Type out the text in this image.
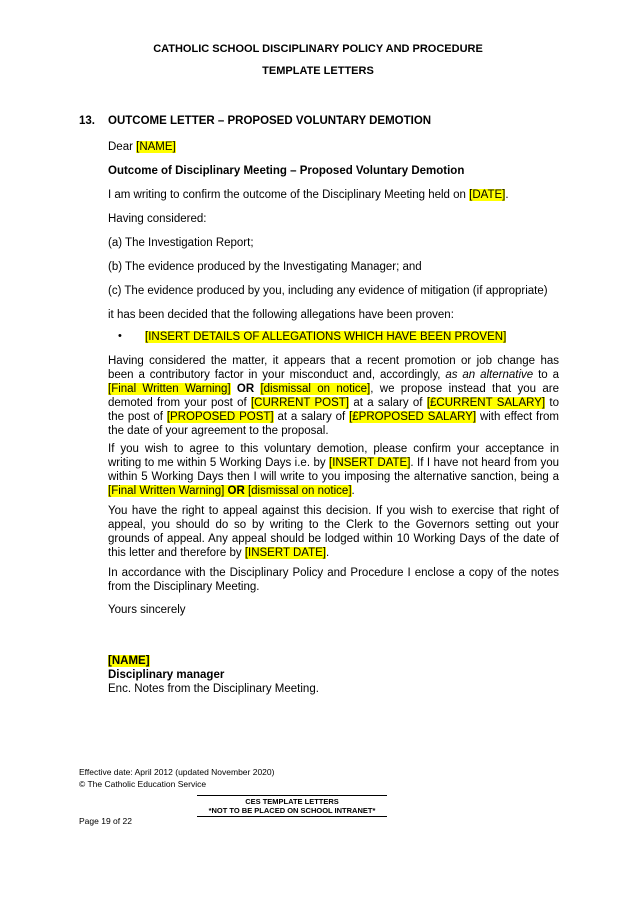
CATHOLIC SCHOOL DISCIPLINARY POLICY AND PROCEDURE
TEMPLATE LETTERS
13. OUTCOME LETTER – PROPOSED VOLUNTARY DEMOTION
Dear [NAME]
Outcome of Disciplinary Meeting – Proposed Voluntary Demotion
I am writing to confirm the outcome of the Disciplinary Meeting held on [DATE].
Having considered:
(a) The Investigation Report;
(b) The evidence produced by the Investigating Manager; and
(c) The evidence produced by you, including any evidence of mitigation (if appropriate)
it has been decided that the following allegations have been proven:
• [INSERT DETAILS OF ALLEGATIONS WHICH HAVE BEEN PROVEN]
Having considered the matter, it appears that a recent promotion or job change has been a contributory factor in your misconduct and, accordingly, as an alternative to a [Final Written Warning] OR [dismissal on notice], we propose instead that you are demoted from your post of [CURRENT POST] at a salary of [£CURRENT SALARY] to the post of [PROPOSED POST] at a salary of [£PROPOSED SALARY] with effect from the date of your agreement to the proposal.
If you wish to agree to this voluntary demotion, please confirm your acceptance in writing to me within 5 Working Days i.e. by [INSERT DATE]. If I have not heard from you within 5 Working Days then I will write to you imposing the alternative sanction, being a [Final Written Warning] OR [dismissal on notice].
You have the right to appeal against this decision. If you wish to exercise that right of appeal, you should do so by writing to the Clerk to the Governors setting out your grounds of appeal. Any appeal should be lodged within 10 Working Days of the date of this letter and therefore by [INSERT DATE].
In accordance with the Disciplinary Policy and Procedure I enclose a copy of the notes from the Disciplinary Meeting.
Yours sincerely
[NAME]
Disciplinary manager
Enc. Notes from the Disciplinary Meeting.
Effective date: April 2012 (updated November 2020)
© The Catholic Education Service
CES TEMPLATE LETTERS
*NOT TO BE PLACED ON SCHOOL INTRANET*
Page 19 of 22
